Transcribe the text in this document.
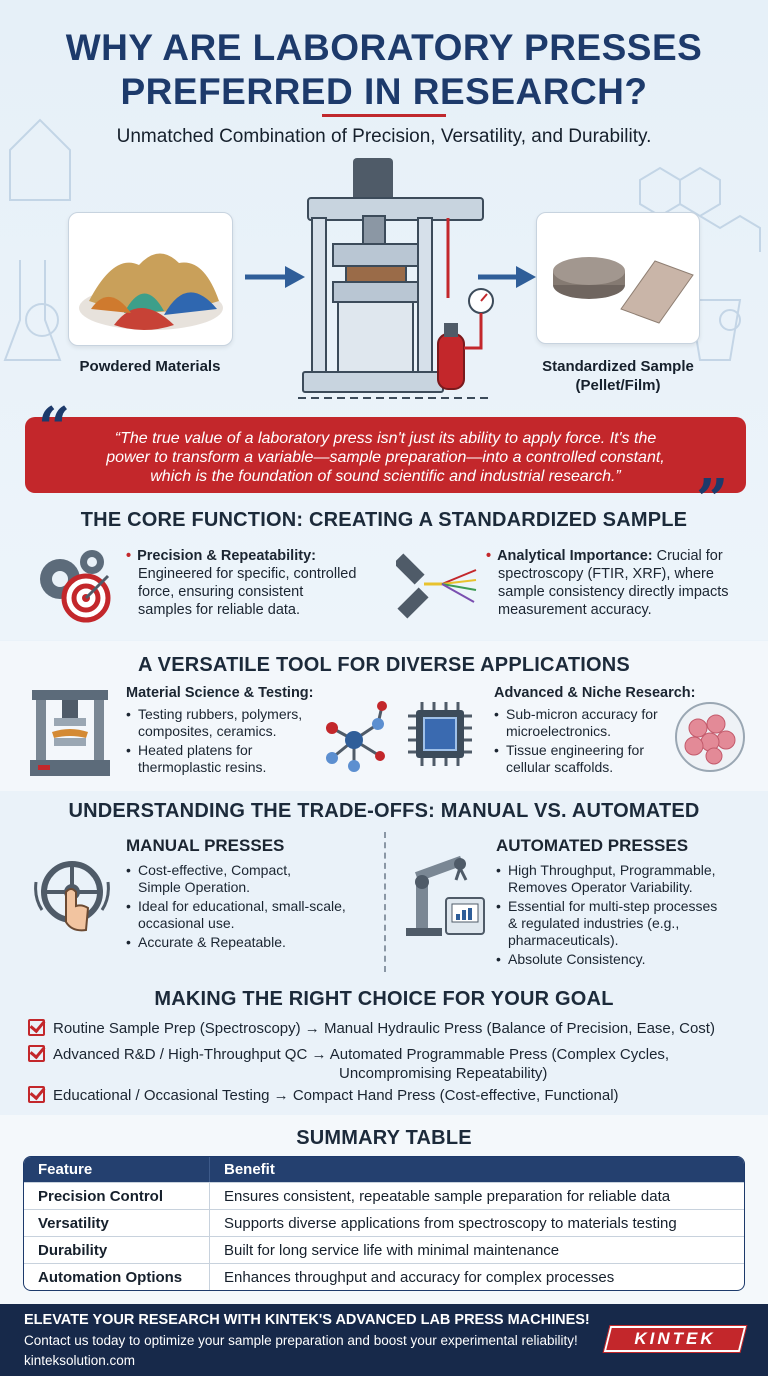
WHY ARE LABORATORY PRESSES
PREFERRED IN RESEARCH?
Unmatched Combination of Precision, Versatility, and Durability.
Powdered Materials	Standardized Sample
(Pellet/Film)
“The true value of a laboratory press isn't just its ability to apply force. It's the
power to transform a variable—sample preparation—into a controlled constant,
which is the foundation of sound scientific and industrial research.”
“
”
THE CORE FUNCTION: CREATING A STANDARDIZED SAMPLE
• Precision & Repeatability:
Engineered for specific, controlled
force, ensuring consistent
samples for reliable data.
• Analytical Importance: Crucial for
spectroscopy (FTIR, XRF), where
sample consistency directly impacts
measurement accuracy.
A VERSATILE TOOL FOR DIVERSE APPLICATIONS
Material Science & Testing:
• Testing rubbers, polymers,
composites, ceramics.
• Heated platens for
thermoplastic resins.
Advanced & Niche Research:
• Sub-micron accuracy for
microelectronics.
• Tissue engineering for
cellular scaffolds.
UNDERSTANDING THE TRADE-OFFS: MANUAL VS. AUTOMATED
MANUAL PRESSES
• Cost-effective, Compact,
Simple Operation.
• Ideal for educational, small-scale,
occasional use.
• Accurate & Repeatable.
AUTOMATED PRESSES
• High Throughput, Programmable,
Removes Operator Variability.
• Essential for multi-step processes
& regulated industries (e.g.,
pharmaceuticals).
• Absolute Consistency.
MAKING THE RIGHT CHOICE FOR YOUR GOAL
Routine Sample Prep (Spectroscopy) → Manual Hydraulic Press (Balance of Precision, Ease, Cost)
Advanced R&D / High-Throughput QC → Automated Programmable Press (Complex Cycles,
Uncompromising Repeatability)
Educational / Occasional Testing → Compact Hand Press (Cost-effective, Functional)
SUMMARY TABLE
Feature	Benefit
Precision Control	Ensures consistent, repeatable sample preparation for reliable data
Versatility	Supports diverse applications from spectroscopy to materials testing
Durability	Built for long service life with minimal maintenance
Automation Options	Enhances throughput and accuracy for complex processes
ELEVATE YOUR RESEARCH WITH KINTEK'S ADVANCED LAB PRESS MACHINES!
Contact us today to optimize your sample preparation and boost your experimental reliability!
kinteksolution.com
KINTEK
